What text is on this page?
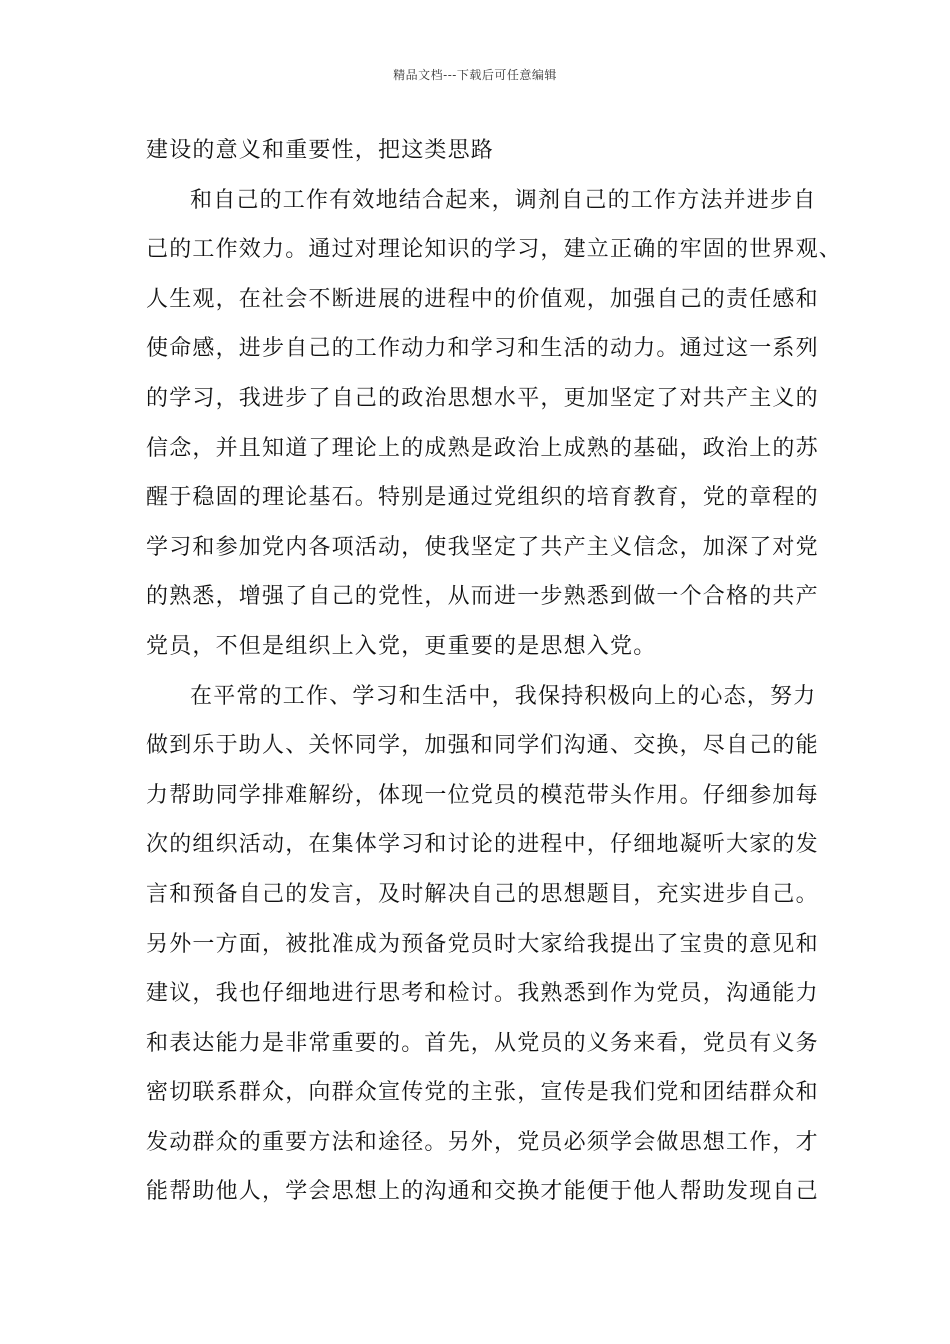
精品文档---下载后可任意编辑
建设的意义和重要性，把这类思路
和自己的工作有效地结合起来，调剂自己的工作方法并进步自
己的工作效力。通过对理论知识的学习，建立正确的牢固的世界观、
人生观，在社会不断进展的进程中的价值观，加强自己的责任感和
使命感，进步自己的工作动力和学习和生活的动力。通过这一系列
的学习，我进步了自己的政治思想水平，更加坚定了对共产主义的
信念，并且知道了理论上的成熟是政治上成熟的基础，政治上的苏
醒于稳固的理论基石。特别是通过党组织的培育教育，党的章程的
学习和参加党内各项活动，使我坚定了共产主义信念，加深了对党
的熟悉，增强了自己的党性，从而进一步熟悉到做一个合格的共产
党员，不但是组织上入党，更重要的是思想入党。
在平常的工作、学习和生活中，我保持积极向上的心态，努力
做到乐于助人、关怀同学，加强和同学们沟通、交换，尽自己的能
力帮助同学排难解纷，体现一位党员的模范带头作用。仔细参加每
次的组织活动，在集体学习和讨论的进程中，仔细地凝听大家的发
言和预备自己的发言，及时解决自己的思想题目，充实进步自己。
另外一方面，被批准成为预备党员时大家给我提出了宝贵的意见和
建议，我也仔细地进行思考和检讨。我熟悉到作为党员，沟通能力
和表达能力是非常重要的。首先，从党员的义务来看，党员有义务
密切联系群众，向群众宣传党的主张，宣传是我们党和团结群众和
发动群众的重要方法和途径。另外，党员必须学会做思想工作，才
能帮助他人，学会思想上的沟通和交换才能便于他人帮助发现自己
